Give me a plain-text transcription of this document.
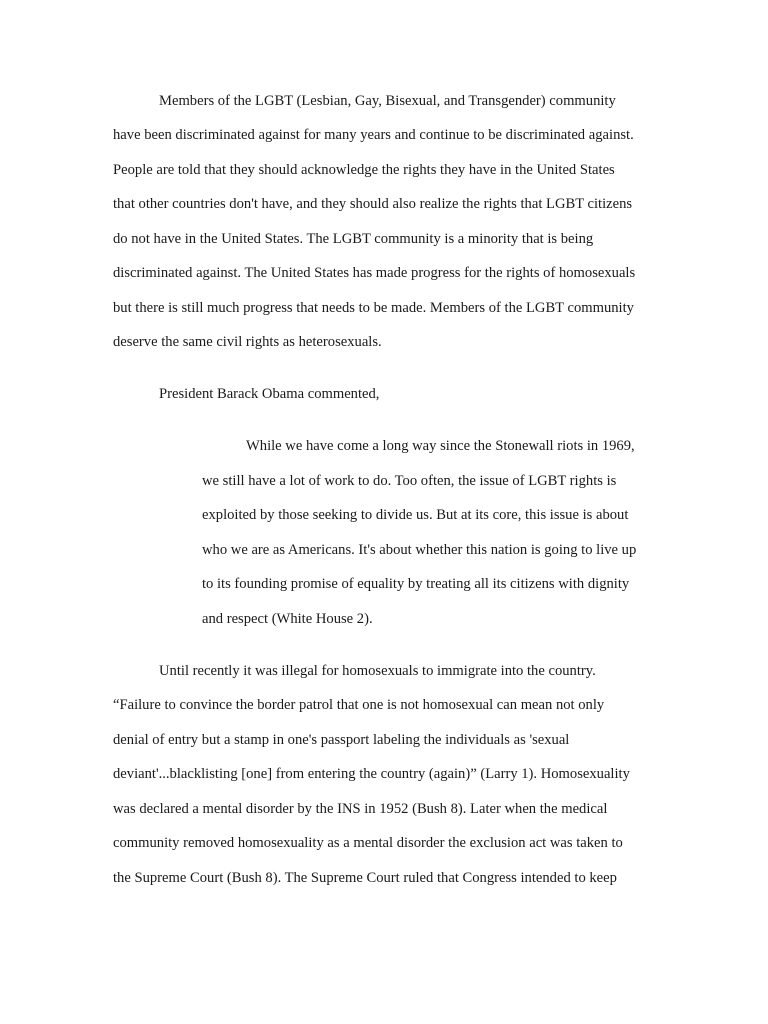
Members of the LGBT (Lesbian, Gay, Bisexual, and Transgender) community
have been discriminated against for many years and continue to be discriminated against.
People are told that they should acknowledge the rights they have in the United States
that other countries don't have, and they should also realize the rights that LGBT citizens
do not have in the United States. The LGBT community is a minority that is being
discriminated against. The United States has made progress for the rights of homosexuals
but there is still much progress that needs to be made. Members of the LGBT community
deserve the same civil rights as heterosexuals.
President Barack Obama commented,
While we have come a long way since the Stonewall riots in 1969,
we still have a lot of work to do. Too often, the issue of LGBT rights is
exploited by those seeking to divide us. But at its core, this issue is about
who we are as Americans. It's about whether this nation is going to live up
to its founding promise of equality by treating all its citizens with dignity
and respect (White House 2).
Until recently it was illegal for homosexuals to immigrate into the country.
“Failure to convince the border patrol that one is not homosexual can mean not only
denial of entry but a stamp in one's passport labeling the individuals as 'sexual
deviant'...blacklisting [one] from entering the country (again)” (Larry 1). Homosexuality
was declared a mental disorder by the INS in 1952 (Bush 8). Later when the medical
community removed homosexuality as a mental disorder the exclusion act was taken to
the Supreme Court (Bush 8). The Supreme Court ruled that Congress intended to keep
